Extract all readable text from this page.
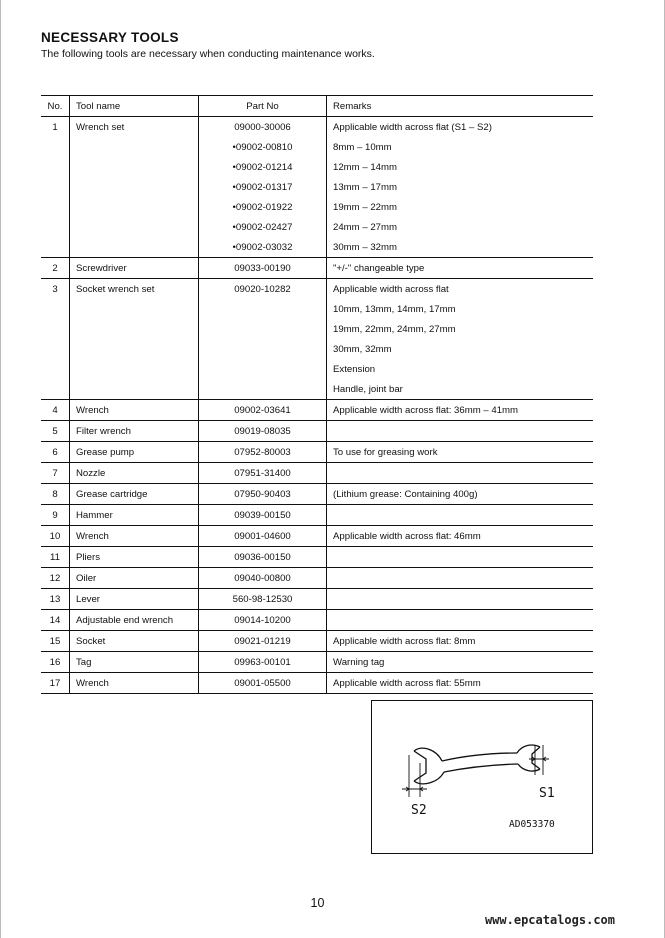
NECESSARY TOOLS
The following tools are necessary when conducting maintenance works.
No.	Tool name	Part No	Remarks
1	Wrench set	09000-30006	Applicable width across flat (S1 – S2)
		•09002-00810	8mm – 10mm
		•09002-01214	12mm – 14mm
		•09002-01317	13mm – 17mm
		•09002-01922	19mm – 22mm
		•09002-02427	24mm – 27mm
		•09002-03032	30mm – 32mm
2	Screwdriver	09033-00190	"+/-" changeable type
3	Socket wrench set	09020-10282	Applicable width across flat
			10mm, 13mm, 14mm, 17mm
			19mm, 22mm, 24mm, 27mm
			30mm, 32mm
			Extension
			Handle, joint bar
4	Wrench	09002-03641	Applicable width across flat: 36mm – 41mm
5	Filter wrench	09019-08035	
6	Grease pump	07952-80003	To use for greasing work
7	Nozzle	07951-31400	
8	Grease cartridge	07950-90403	(Lithium grease: Containing 400g)
9	Hammer	09039-00150	
10	Wrench	09001-04600	Applicable width across flat: 46mm
11	Pliers	09036-00150	
12	Oiler	09040-00800	
13	Lever	560-98-12530	
14	Adjustable end wrench	09014-10200	
15	Socket	09021-01219	Applicable width across flat: 8mm
16	Tag	09963-00101	Warning tag
17	Wrench	09001-05500	Applicable width across flat: 55mm
S2
S1
AD053370
10
www.epcatalogs.com
